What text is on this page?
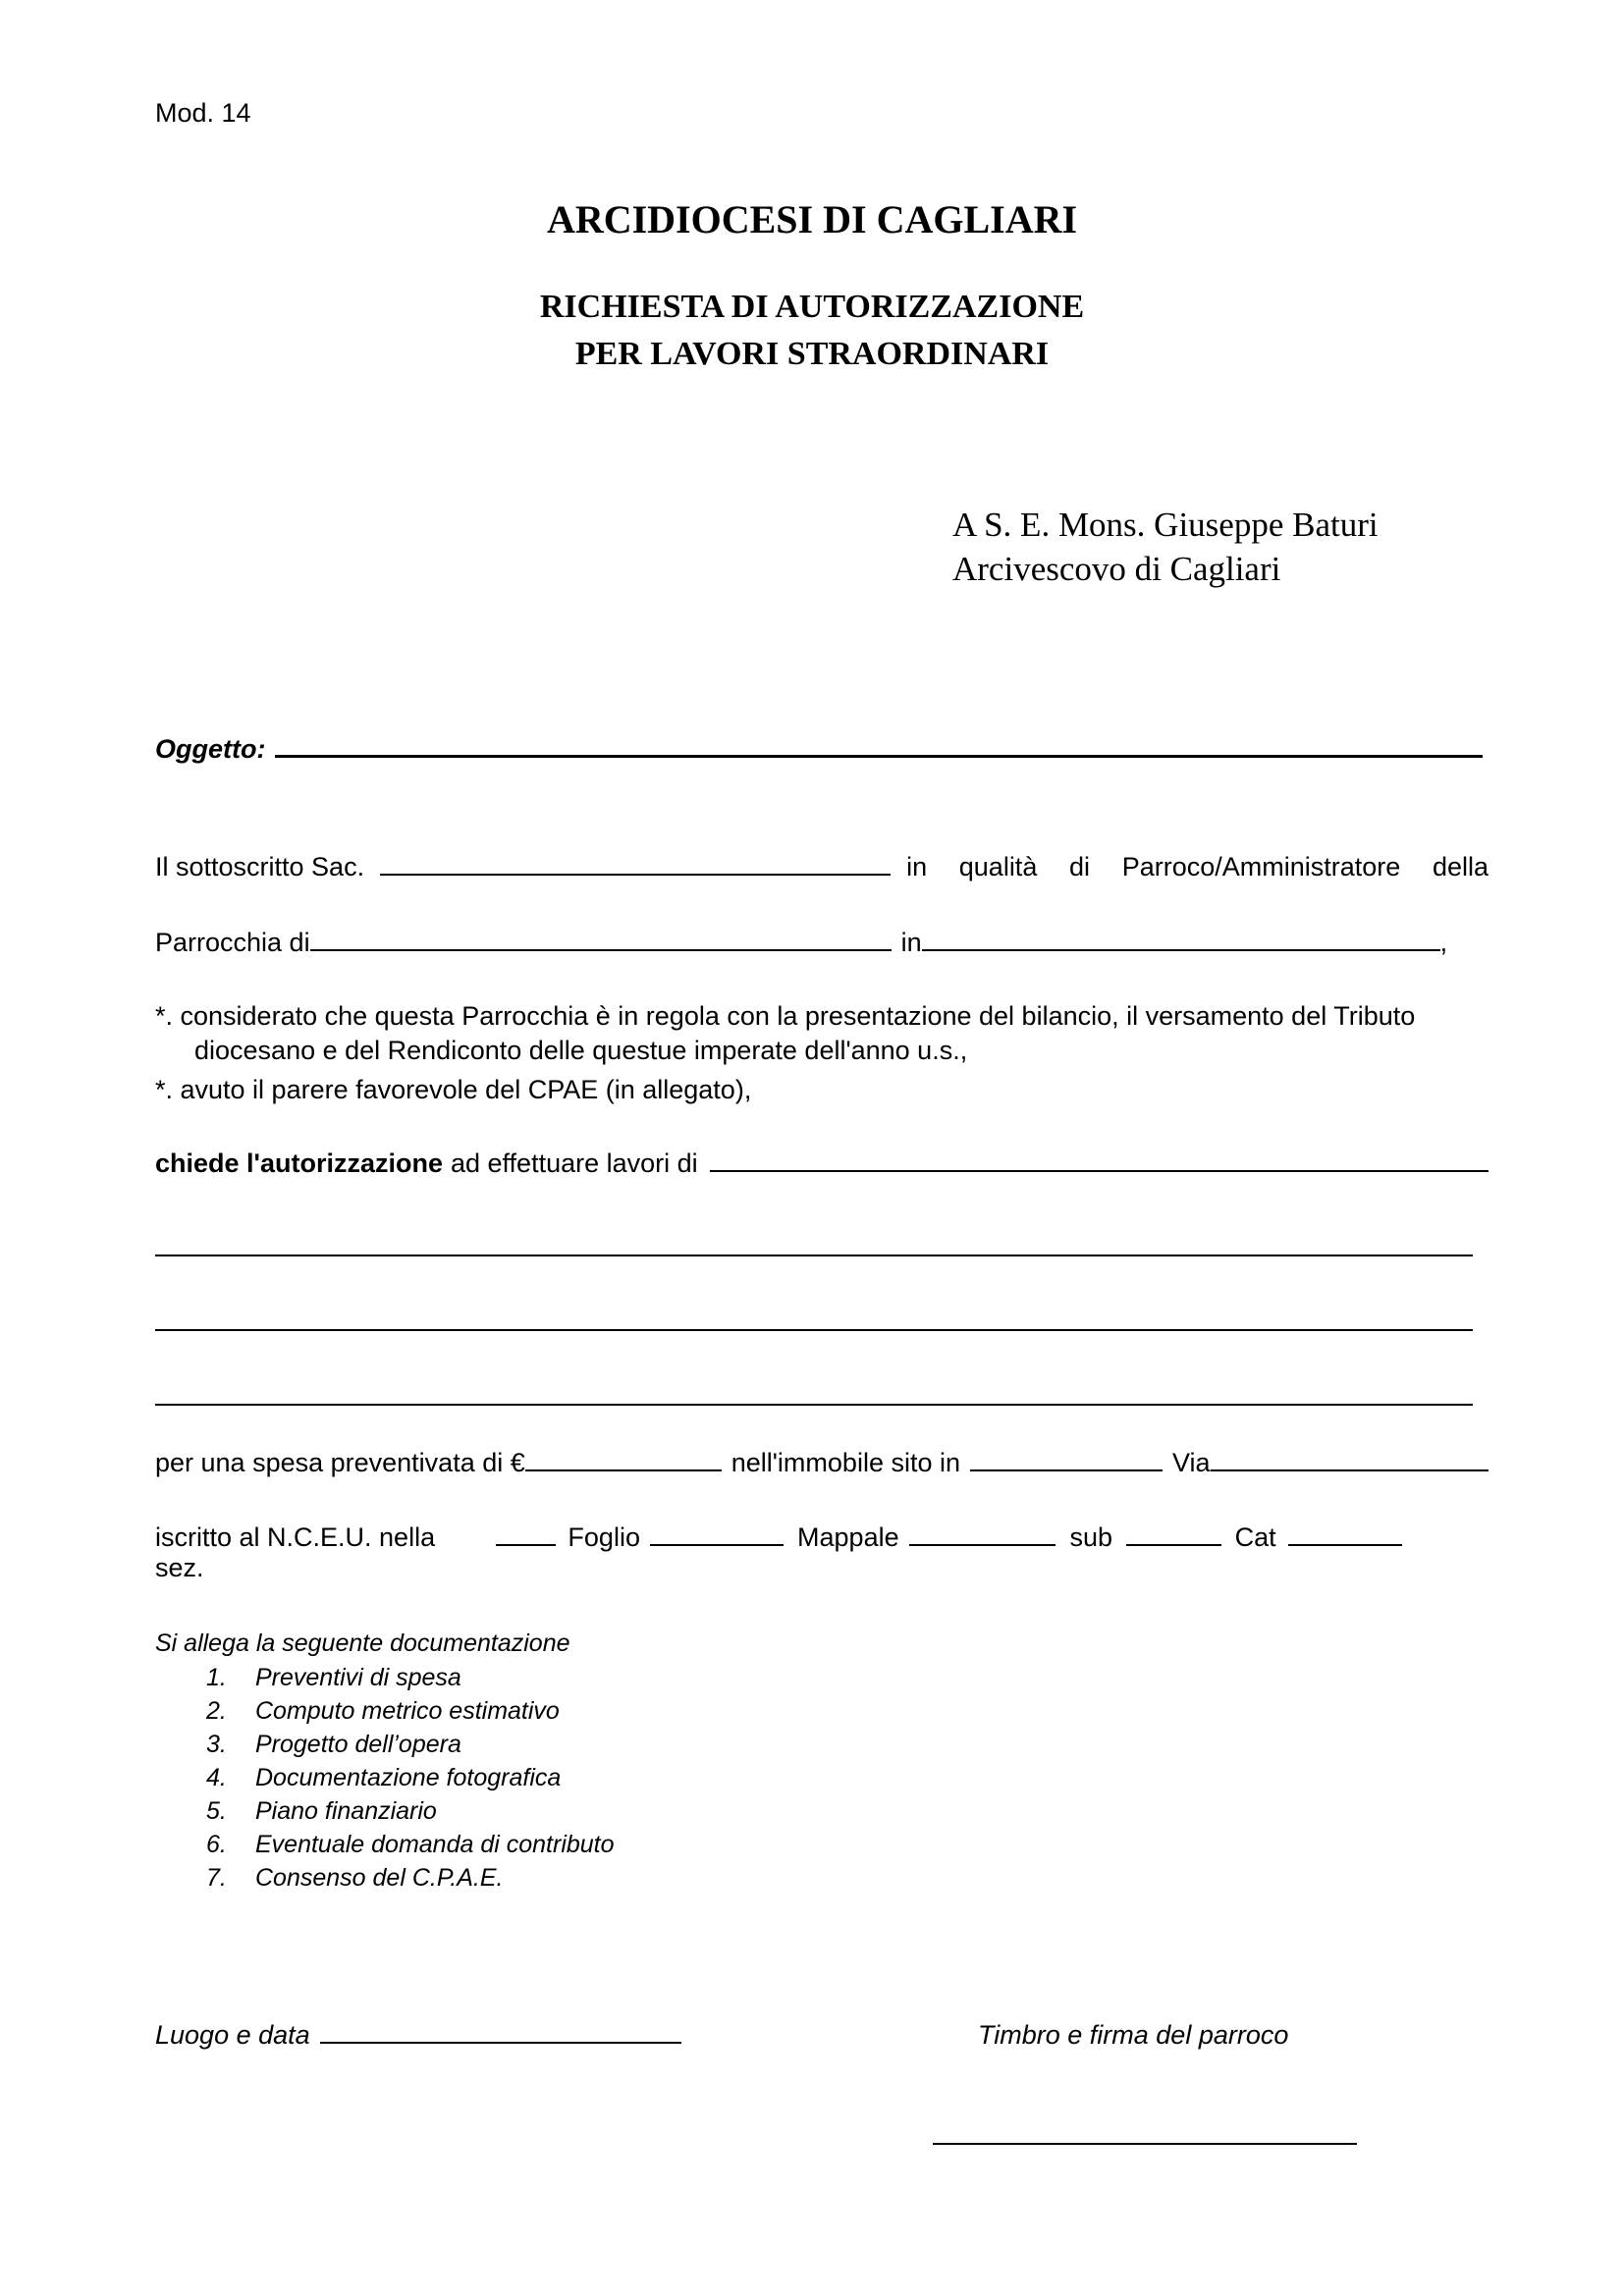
Mod. 14
ARCIDIOCESI DI CAGLIARI
RICHIESTA DI AUTORIZZAZIONE
PER LAVORI STRAORDINARI
A S. E. Mons. Giuseppe Baturi
Arcivescovo di Cagliari
Oggetto:
Il sottoscritto Sac.	in qualità di Parroco/Amministratore della
Parrocchia di	in	,
*. considerato che questa Parrocchia è in regola con la presentazione del bilancio, il versamento del Tributo
diocesano e del Rendiconto delle questue imperate dell'anno u.s.,
*. avuto il parere favorevole del CPAE (in allegato),
chiede l'autorizzazione ad effettuare lavori di
per una spesa preventivata di €	nell'immobile sito in	Via
iscritto al N.C.E.U. nella sez.
Foglio	Mappale	sub	Cat
Si allega la seguente documentazione
1. Preventivi di spesa
2. Computo metrico estimativo
3. Progetto dell’opera
4. Documentazione fotografica
5. Piano finanziario
6. Eventuale domanda di contributo
7. Consenso del C.P.A.E.
Luogo e data	Timbro e firma del parroco
